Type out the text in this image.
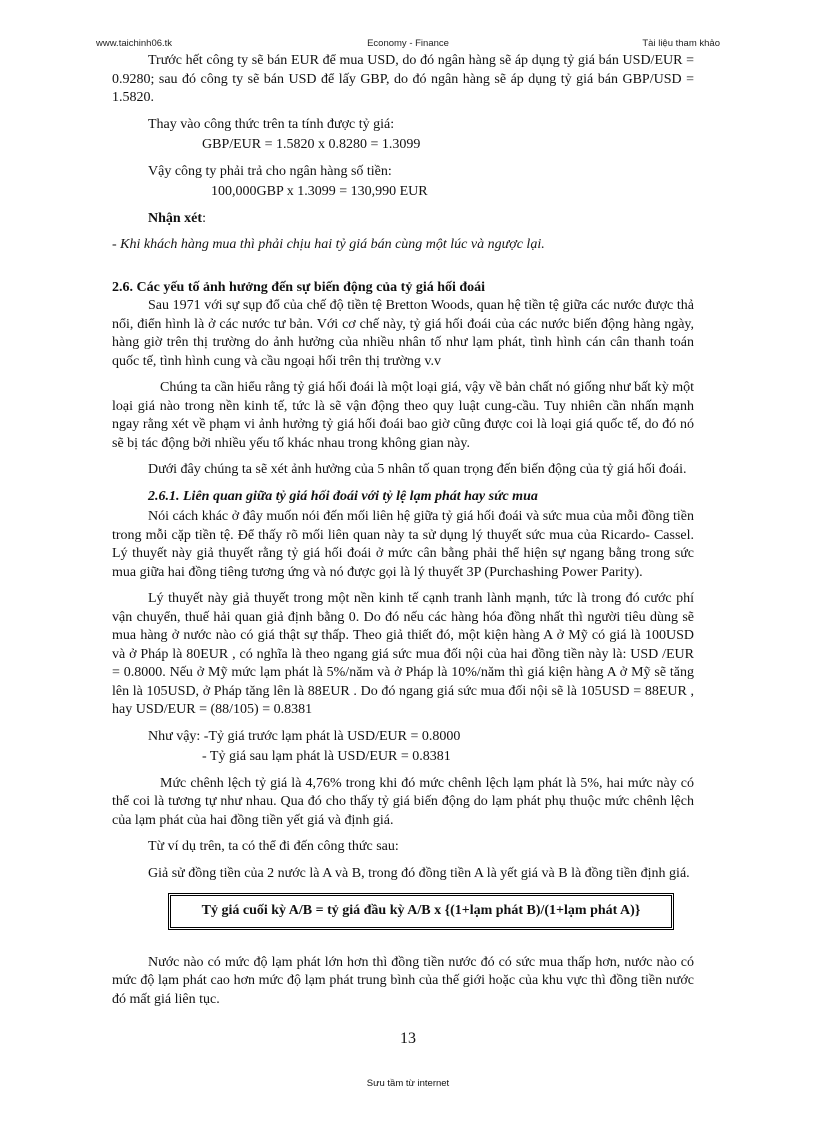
www.taichinh06.tk	Economy - Finance	Tài liệu tham khảo

Trước hết công ty sẽ bán EUR để mua USD, do đó ngân hàng sẽ áp dụng tỷ giá bán USD/EUR = 0.9280; sau đó công ty sẽ bán USD để lấy GBP, do đó ngân hàng sẽ áp dụng tỷ giá bán GBP/USD = 1.5820.

Thay vào công thức trên ta tính được tỷ giá:

GBP/EUR = 1.5820 x 0.8280 = 1.3099

Vậy công ty phải trả cho ngân hàng số tiền:

100,000GBP x 1.3099 = 130,990 EUR

Nhận xét:

- Khi khách hàng mua thì phải chịu hai tỷ giá bán cùng một lúc và ngược lại.

2.6. Các yếu tố ảnh hưởng đến sự biến động của tỷ giá hối đoái

Sau 1971 với sự sụp đổ của chế độ tiền tệ Bretton Woods, quan hệ tiền tệ giữa các nước được thả nổi, điển hình là ở các nước tư bản. Với cơ chế này, tỷ giá hối đoái của các nước biến động hàng ngày, hàng giờ trên thị trường do ảnh hưởng của nhiều nhân tố như lạm phát, tình hình cán cân thanh toán quốc tế, tình hình cung và cầu ngoại hối trên thị trường v.v

Chúng ta cần hiểu rằng tỷ giá hối đoái là một loại giá, vậy về bản chất nó giống như bất kỳ một loại giá nào trong nền kinh tế, tức là sẽ vận động theo quy luật cung-cầu. Tuy nhiên cần nhấn mạnh ngay rằng xét về phạm vi ảnh hưởng tỷ giá hối đoái bao giờ cũng được coi là loại giá quốc tế, do đó nó sẽ bị tác động bởi nhiều yếu tố khác nhau trong không gian này.

Dưới đây chúng ta sẽ xét ảnh hưởng của 5 nhân tố quan trọng đến biến động của tỷ giá hối đoái.

2.6.1. Liên quan giữa tỷ giá hối đoái với tỷ lệ lạm phát hay sức mua

Nói cách khác ở đây muốn nói đến mối liên hệ giữa tỷ giá hối đoái và sức mua của mỗi đồng tiền trong mỗi cặp tiền tệ. Để thấy rõ mối liên quan này ta sử dụng lý thuyết sức mua của Ricardo- Cassel. Lý thuyết này giả thuyết rằng tỷ giá hối đoái ở mức cân bằng phải thể hiện sự ngang bằng trong sức mua giữa hai đồng tiêng tương ứng và nó được gọi là lý thuyết 3P (Purchashing Power Parity).

Lý thuyết này giả thuyết trong một nền kinh tế cạnh tranh lành mạnh, tức là trong đó cước phí vận chuyển, thuế hải quan giả định bằng 0. Do đó nếu các hàng hóa đồng nhất thì người tiêu dùng sẽ mua hàng ở nước nào có giá thật sự thấp. Theo giả thiết đó, một kiện hàng A ở Mỹ có giá là 100USD và ở Pháp là 80EUR , có nghĩa là theo ngang giá sức mua đối nội của hai đồng tiền này là: USD /EUR = 0.8000. Nếu ở Mỹ mức lạm phát là 5%/năm và ở Pháp là 10%/năm thì giá kiện hàng A ở Mỹ sẽ tăng lên là 105USD, ở Pháp tăng lên là 88EUR . Do đó ngang giá sức mua đối nội sẽ là 105USD = 88EUR , hay USD/EUR = (88/105) = 0.8381

Như vậy: -Tỷ giá trước lạm phát là USD/EUR = 0.8000

- Tỷ giá sau lạm phát là USD/EUR = 0.8381

Mức chênh lệch tỷ giá là 4,76% trong khi đó mức chênh lệch lạm phát là 5%, hai mức này có thể coi là tương tự như nhau. Qua đó cho thấy tỷ giá biến động do lạm phát phụ thuộc mức chênh lệch của lạm phát của hai đồng tiền yết giá và định giá.

Từ ví dụ trên, ta có thể đi đến công thức sau:

Giả sử đồng tiền của 2 nước là A và B, trong đó đồng tiền A là yết giá và B là đồng tiền định giá.

Tỷ giá cuối kỳ A/B = tỷ giá đầu kỳ A/B x {(1+lạm phát B)/(1+lạm phát A)}

Nước nào có mức độ lạm phát lớn hơn thì đồng tiền nước đó có sức mua thấp hơn, nước nào có mức độ lạm phát cao hơn mức độ lạm phát trung bình của thế giới hoặc của khu vực thì đồng tiền nước đó mất giá liên tục.

13
Sưu tầm từ internet
